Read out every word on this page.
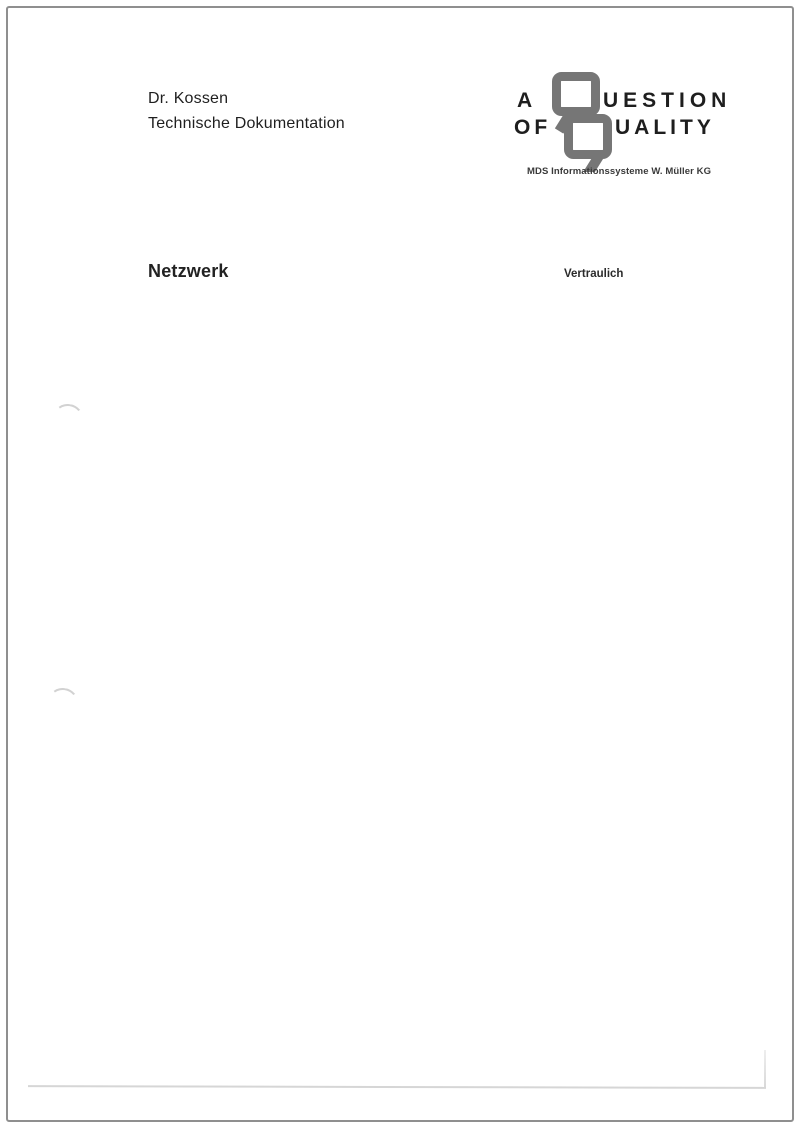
Dr. Kossen
Technische Dokumentation
A	UESTION
OF	UALITY
MDS Informationssysteme W. Müller KG
Netzwerk	Vertraulich
